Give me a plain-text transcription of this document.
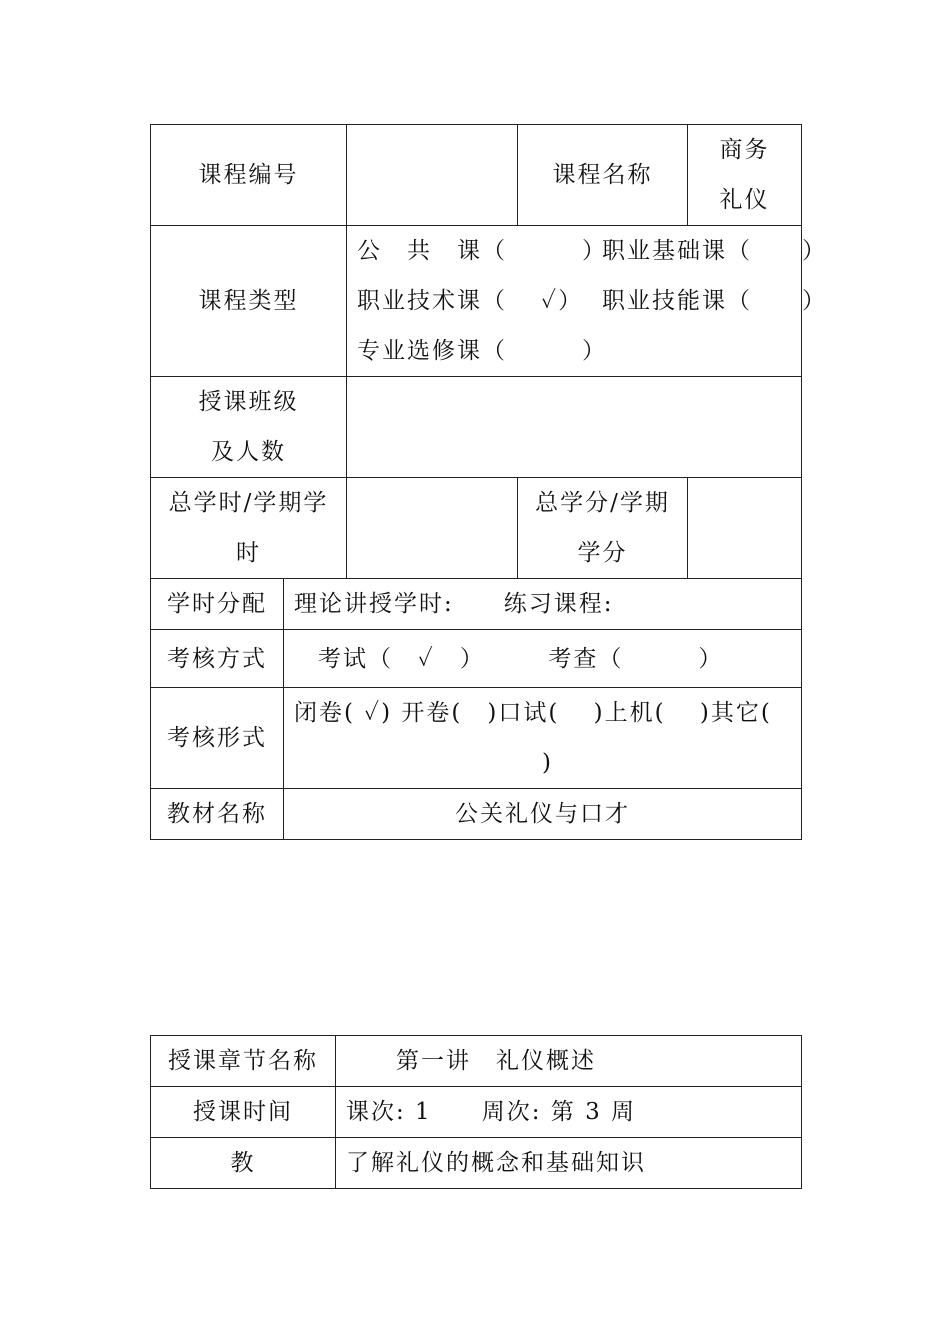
课程编号			课程名称	商务
礼仪

课程类型		公　共　课（　　　）职业基础课（　　）
职业技术课（　 ✓） 职业技能课（　　）
专业选修课（　　　）		

授课班级
及人数				

总学时/学期学
时			总学分/学期
学分	

学时分配	理论讲授学时:　　练习课程:			
考核方式	考试（　✓　）　　　考查（　　　）			
考核形式	闭卷( ✓) 开卷(　)口试(　 )上机(　 )其它(
)			

教材名称	公关礼仪与口才			
授课章节名称	　　第一讲　礼仪概述
授课时间	课次: 1　　周次: 第 3 周
教	了解礼仪的概念和基础知识
